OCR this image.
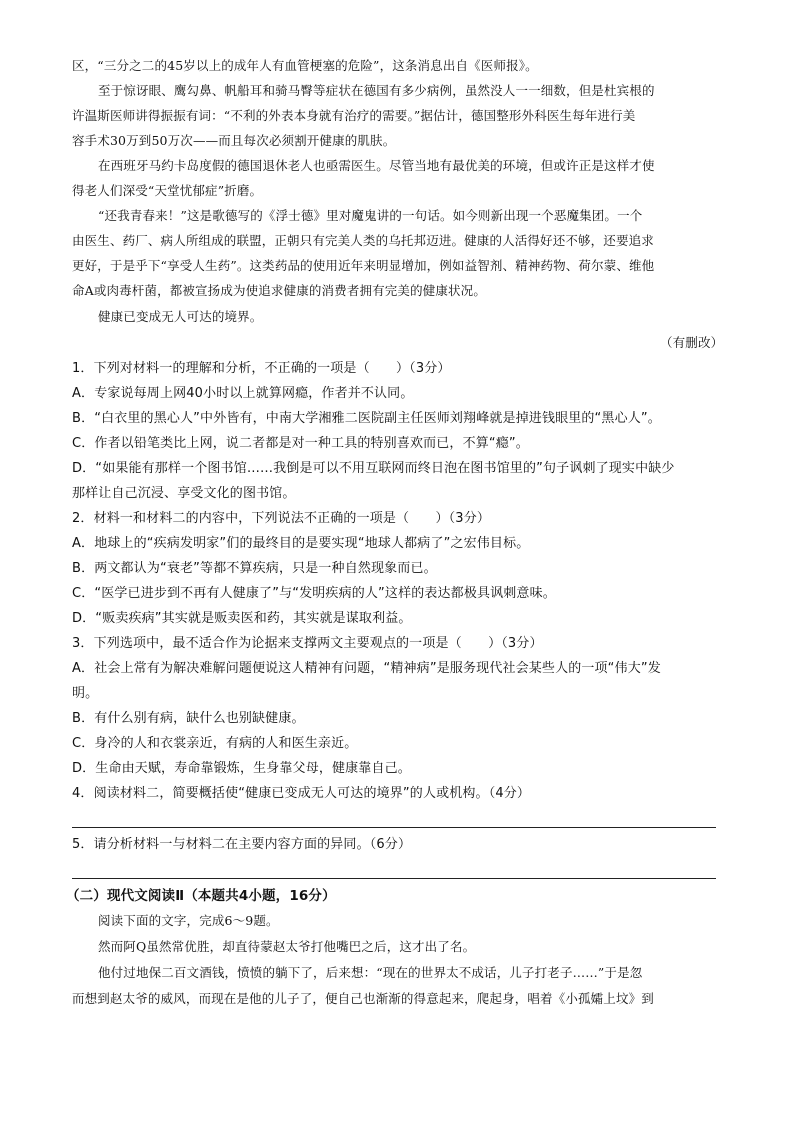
区，“三分之二的45岁以上的成年人有血管梗塞的危险”，这条消息出自《医师报》。
至于惊讶眼、鹰勾鼻、帆船耳和骑马臀等症状在德国有多少病例，虽然没人一一细数，但是杜宾根的
许温斯医师讲得振振有词：“不利的外表本身就有治疗的需要。”据估计，德国整形外科医生每年进行美
容手术30万到50万次——而且每次必须割开健康的肌肤。
在西班牙马约卡岛度假的德国退休老人也亟需医生。尽管当地有最优美的环境，但或许正是这样才使
得老人们深受“天堂忧郁症”折磨。
“还我青春来！”这是歌德写的《浮士德》里对魔鬼讲的一句话。如今则新出现一个恶魔集团。一个
由医生、药厂、病人所组成的联盟，正朝只有完美人类的乌托邦迈进。健康的人活得好还不够，还要追求
更好，于是乎下“享受人生药”。这类药品的使用近年来明显增加，例如益智剂、精神药物、荷尔蒙、维他
命A或肉毒杆菌，都被宣扬成为使追求健康的消费者拥有完美的健康状况。
健康已变成无人可达的境界。
（有删改）
1．下列对材料一的理解和分析，不正确的一项是（　　）（3分）
A．专家说每周上网40小时以上就算网瘾，作者并不认同。
B．“白衣里的黑心人”中外皆有，中南大学湘雅二医院副主任医师刘翔峰就是掉进钱眼里的“黑心人”。
C．作者以铅笔类比上网，说二者都是对一种工具的特别喜欢而已，不算“瘾”。
D．“如果能有那样一个图书馆……我倒是可以不用互联网而终日泡在图书馆里的”句子讽刺了现实中缺少
那样让自己沉浸、享受文化的图书馆。
2．材料一和材料二的内容中，下列说法不正确的一项是（　　）（3分）
A．地球上的“疾病发明家”们的最终目的是要实现“地球人都病了”之宏伟目标。
B．两文都认为“衰老”等都不算疾病，只是一种自然现象而已。
C．“医学已进步到不再有人健康了”与“发明疾病的人”这样的表达都极具讽刺意味。
D．“贩卖疾病”其实就是贩卖医和药，其实就是谋取利益。
3．下列选项中，最不适合作为论据来支撑两文主要观点的一项是（　　）（3分）
A．社会上常有为解决难解问题便说这人精神有问题，“精神病”是服务现代社会某些人的一项“伟大”发
明。
B．有什么别有病，缺什么也别缺健康。
C．身冷的人和衣裳亲近，有病的人和医生亲近。
D．生命由天赋，寿命靠锻炼，生身靠父母，健康靠自己。
4．阅读材料二，简要概括使“健康已变成无人可达的境界”的人或机构。（4分）
5．请分析材料一与材料二在主要内容方面的异同。（6分）
（二）现代文阅读Ⅱ（本题共4小题，16分）
阅读下面的文字，完成6～9题。
然而阿Q虽然常优胜，却直待蒙赵太爷打他嘴巴之后，这才出了名。
他付过地保二百文酒钱，愤愤的躺下了，后来想：“现在的世界太不成话，儿子打老子……”于是忽
而想到赵太爷的威风，而现在是他的儿子了，便自己也渐渐的得意起来，爬起身，唱着《小孤孀上坟》到
